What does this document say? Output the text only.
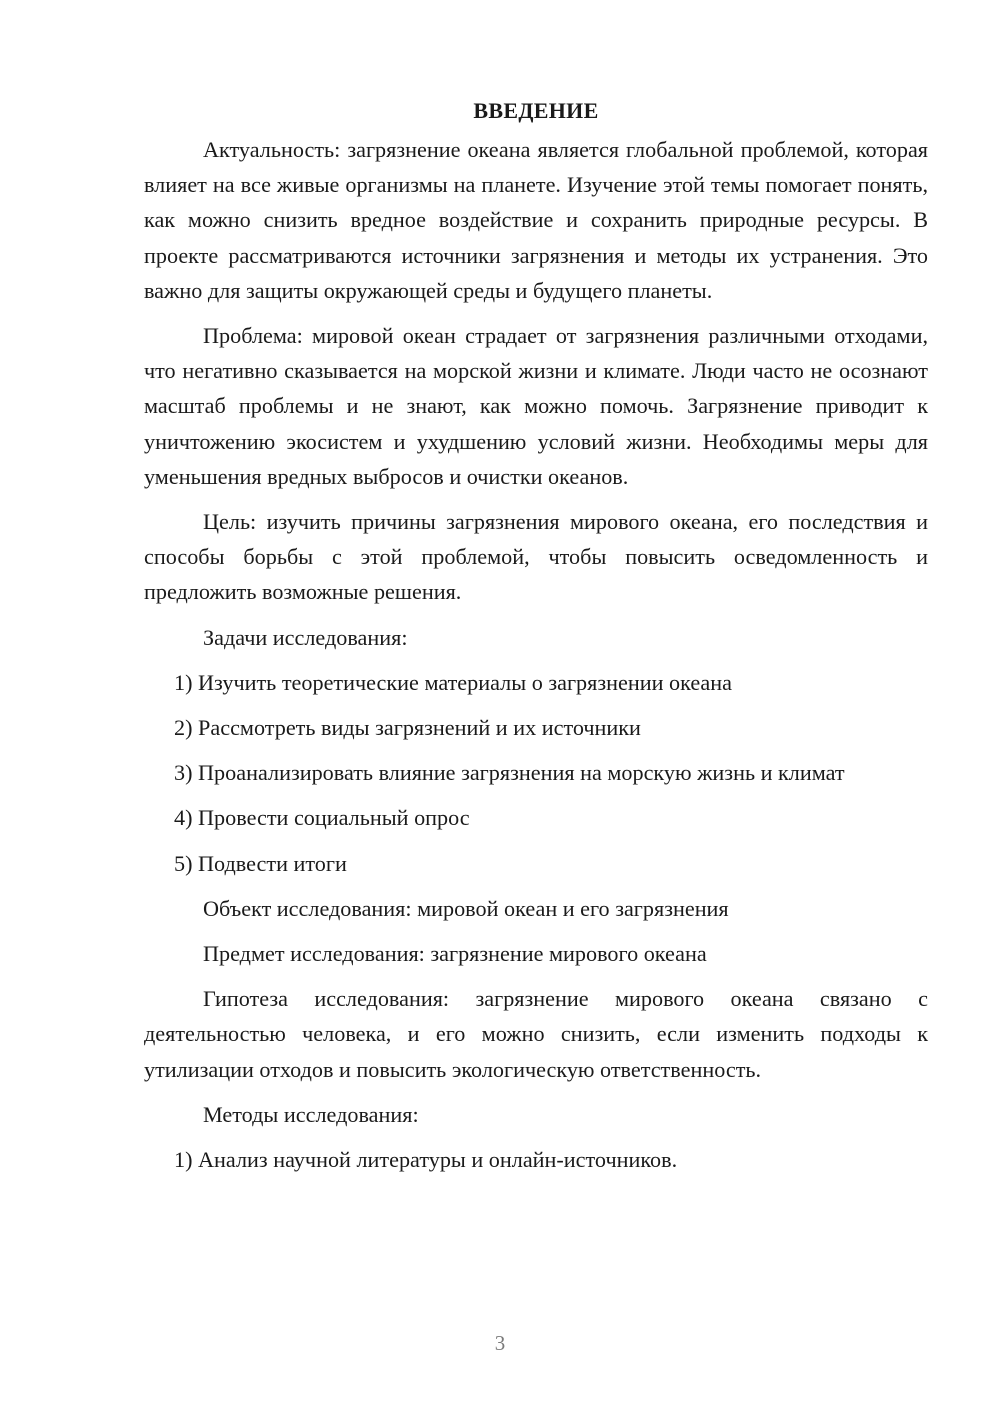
ВВЕДЕНИЕ

Актуальность: загрязнение океана является глобальной проблемой, которая влияет на все живые организмы на планете. Изучение этой темы помогает понять, как можно снизить вредное воздействие и сохранить природные ресурсы. В проекте рассматриваются источники загрязнения и методы их устранения. Это важно для защиты окружающей среды и будущего планеты.

Проблема: мировой океан страдает от загрязнения различными отходами, что негативно сказывается на морской жизни и климате. Люди часто не осознают масштаб проблемы и не знают, как можно помочь. Загрязнение приводит к уничтожению экосистем и ухудшению условий жизни. Необходимы меры для уменьшения вредных выбросов и очистки океанов.

Цель: изучить причины загрязнения мирового океана, его последствия и способы борьбы с этой проблемой, чтобы повысить осведомленность и предложить возможные решения.

Задачи исследования:

1) Изучить теоретические материалы о загрязнении океана

2) Рассмотреть виды загрязнений и их источники

3) Проанализировать влияние загрязнения на морскую жизнь и климат

4) Провести социальный опрос

5) Подвести итоги

Объект исследования: мировой океан и его загрязнения

Предмет исследования: загрязнение мирового океана

Гипотеза исследования: загрязнение мирового океана связано с деятельностью человека, и его можно снизить, если изменить подходы к утилизации отходов и повысить экологическую ответственность.

Методы исследования:

1) Анализ научной литературы и онлайн-источников.

3
